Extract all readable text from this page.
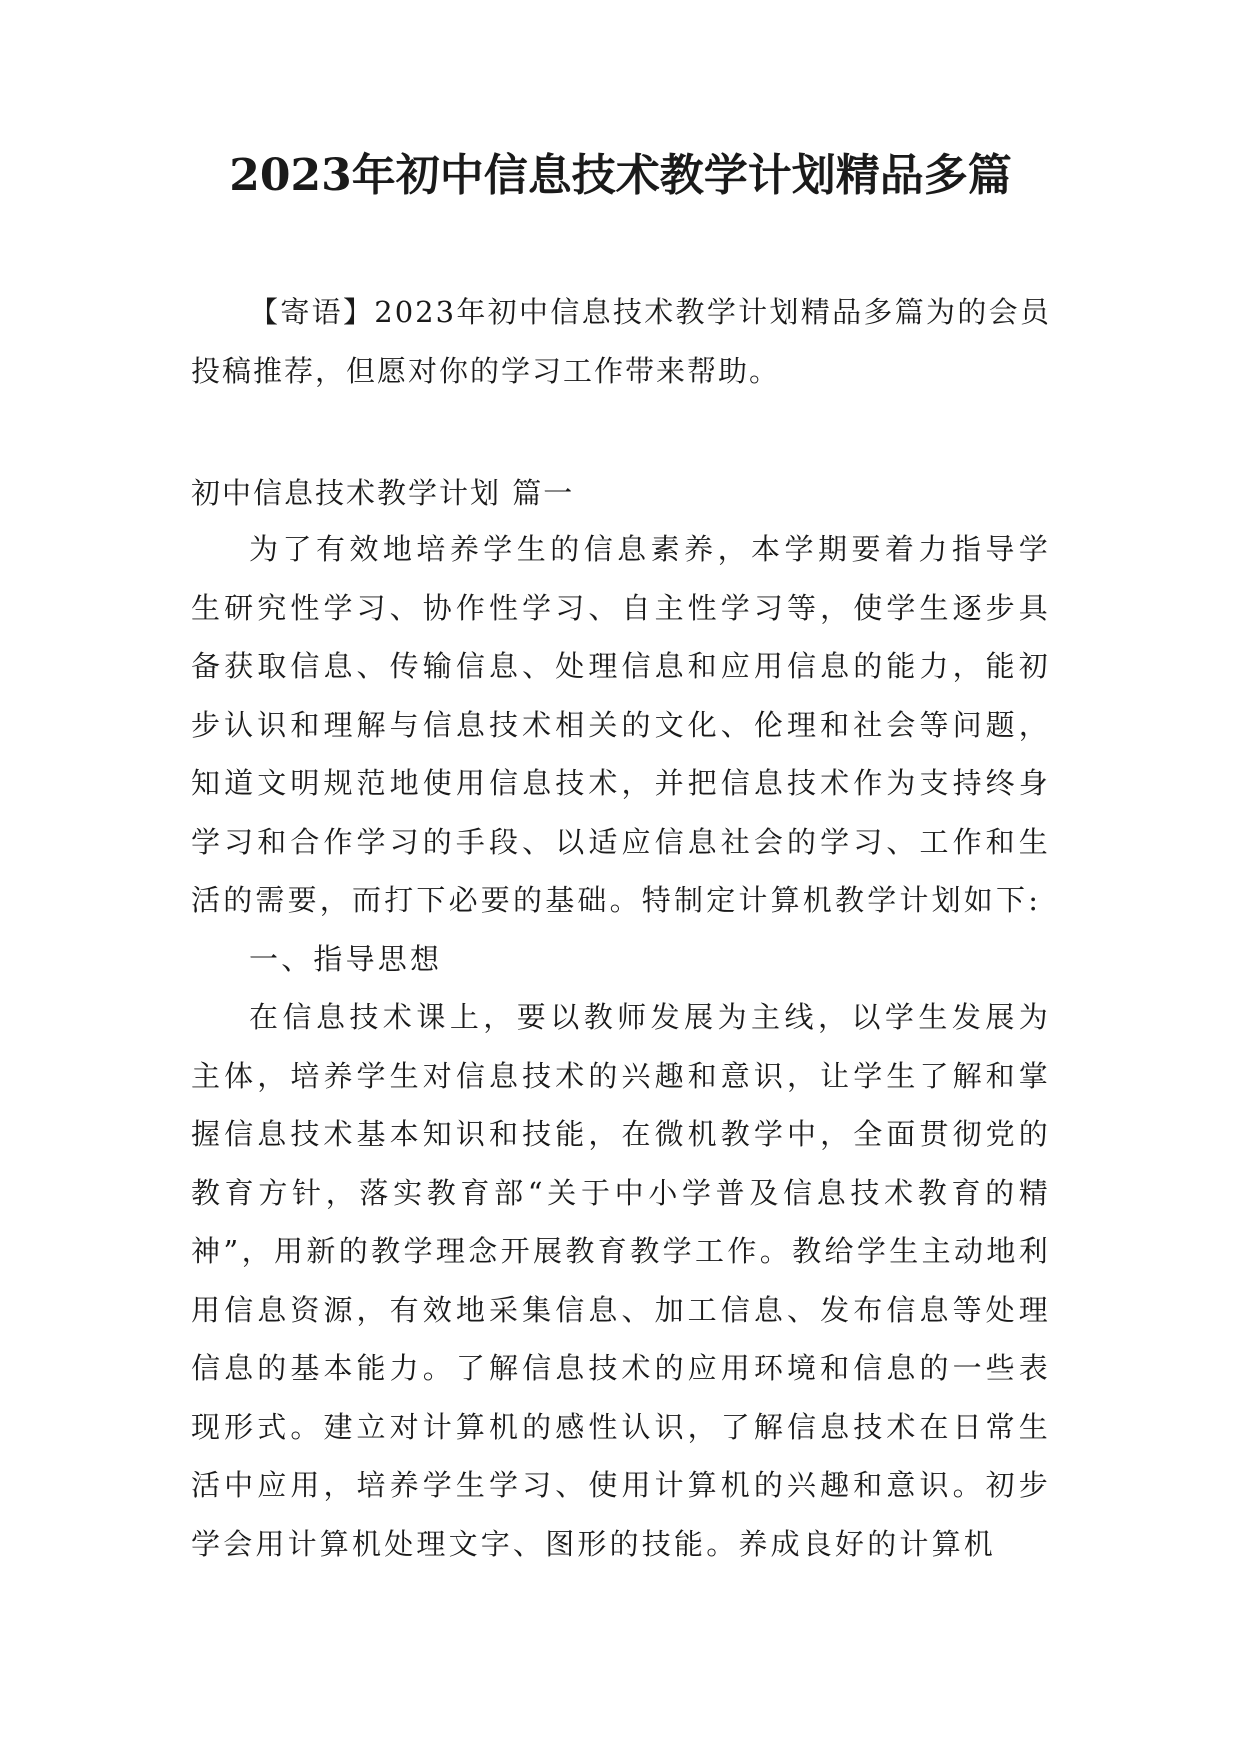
2023年初中信息技术教学计划精品多篇

【寄语】2023年初中信息技术教学计划精品多篇为的会员投稿推荐，但愿对你的学习工作带来帮助。

初中信息技术教学计划 篇一

为了有效地培养学生的信息素养，本学期要着力指导学生研究性学习、协作性学习、自主性学习等，使学生逐步具备获取信息、传输信息、处理信息和应用信息的能力，能初步认识和理解与信息技术相关的文化、伦理和社会等问题，知道文明规范地使用信息技术，并把信息技术作为支持终身学习和合作学习的手段、以适应信息社会的学习、工作和生活的需要，而打下必要的基础。特制定计算机教学计划如下:

一、指导思想

在信息技术课上，要以教师发展为主线，以学生发展为主体，培养学生对信息技术的兴趣和意识，让学生了解和掌握信息技术基本知识和技能，在微机教学中，全面贯彻党的教育方针，落实教育部“关于中小学普及信息技术教育的精神”，用新的教学理念开展教育教学工作。教给学生主动地利用信息资源，有效地采集信息、加工信息、发布信息等处理信息的基本能力。了解信息技术的应用环境和信息的一些表现形式。建立对计算机的感性认识，了解信息技术在日常生活中应用，培养学生学习、使用计算机的兴趣和意识。初步学会用计算机处理文字、图形的技能。养成良好的计算机
